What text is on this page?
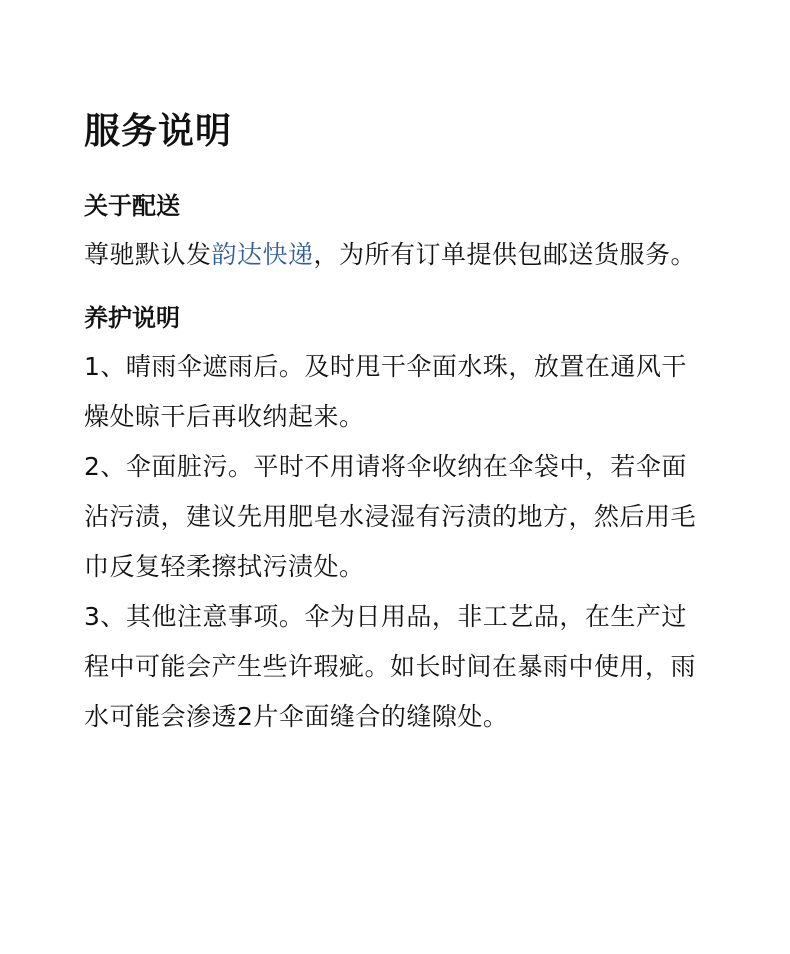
服务说明
关于配送

尊驰默认发韵达快递，为所有订单提供包邮送货服务。

养护说明

1、晴雨伞遮雨后。及时甩干伞面水珠，放置在通风干燥处晾干后再收纳起来。

2、伞面脏污。平时不用请将伞收纳在伞袋中，若伞面沾污渍，建议先用肥皂水浸湿有污渍的地方，然后用毛巾反复轻柔擦拭污渍处。

3、其他注意事项。伞为日用品，非工艺品，在生产过程中可能会产生些许瑕疵。如长时间在暴雨中使用，雨水可能会渗透2片伞面缝合的缝隙处。
